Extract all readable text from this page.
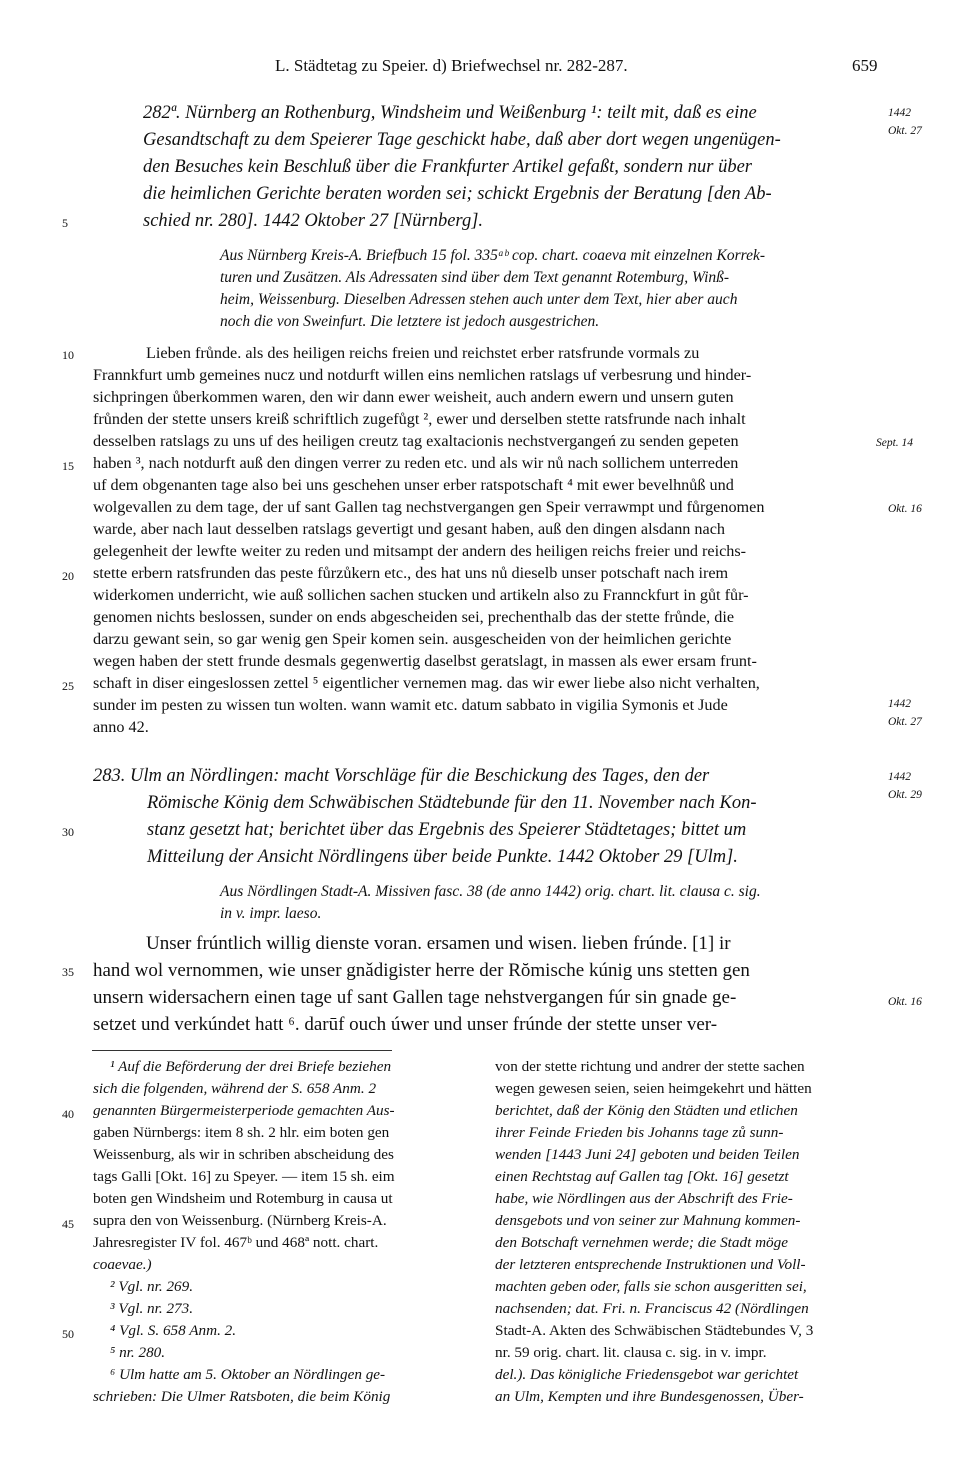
L. Städtetag zu Speier. d) Briefwechsel nr. 282-287.	659
282ª. Nürnberg an Rothenburg, Windsheim und Weißenburg ¹: teilt mit, daß es eine
Gesandtschaft zu dem Speierer Tage geschickt habe, daß aber dort wegen ungenügen-
den Besuches kein Beschluß über die Frankfurter Artikel gefaßt, sondern nur über
die heimlichen Gerichte beraten worden sei; schickt Ergebnis der Beratung [den Ab-
schied nr. 280]. 1442 Oktober 27 [Nürnberg].
Aus Nürnberg Kreis-A. Briefbuch 15 fol. 335ᵃᵇ cop. chart. coaeva mit einzelnen Korrek-
turen und Zusätzen. Als Adressaten sind über dem Text genannt Rotemburg, Winß-
heim, Weissenburg. Dieselben Adressen stehen auch unter dem Text, hier aber auch
noch die von Sweinfurt. Die letztere ist jedoch ausgestrichen.
Lieben frůnde. als des heiligen reichs freien und reichstet erber ratsfrunde vormals zu
Frannkfurt umb gemeines nucz und notdurft willen eins nemlichen ratslags uf verbesrung und hinder-
sichpringen ůberkommen waren, den wir dann ewer weisheit, auch andern ewern und unsern guten
frůnden der stette unsers kreiß schriftlich zugefůgt ², ewer und derselben stette ratsfrunde nach inhalt
desselben ratslags zu uns uf des heiligen creutz tag exaltacionis nechstvergangeń zu senden gepeten
haben ³, nach notdurft auß den dingen verrer zu reden etc. und als wir nů nach sollichem unterreden
uf dem obgenanten tage also bei uns geschehen unser erber ratspotschaft ⁴ mit ewer bevelhnůß und
wolgevallen zu dem tage, der uf sant Gallen tag nechstvergangen gen Speir verrawmpt und fůrgenomen
warde, aber nach laut desselben ratslags gevertigt und gesant haben, auß den dingen alsdann nach
gelegenheit der lewfte weiter zu reden und mitsampt der andern des heiligen reichs freier und reichs-
stette erbern ratsfrunden das peste fůrzůkern etc., des hat uns nů dieselb unser potschaft nach irem
widerkomen underricht, wie auß sollichen sachen stucken und artikeln also zu Frannckfurt in gůt fůr-
genomen nichts beslossen, sunder on ends abgescheiden sei, prechenthalb das der stette frůnde, die
darzu gewant sein, so gar wenig gen Speir komen sein. ausgescheiden von der heimlichen gerichte
wegen haben der stett frunde desmals gegenwertig daselbst geratslagt, in massen als ewer ersam frunt-
schaft in diser eingeslossen zettel ⁵ eigentlicher vernemen mag. das wir ewer liebe also nicht verhalten,
sunder im pesten zu wissen tun wolten. wann wamit etc. datum sabbato in vigilia Symonis et Jude
anno 42.
283. Ulm an Nördlingen: macht Vorschläge für die Beschickung des Tages, den der
Römische König dem Schwäbischen Städtebunde für den 11. November nach Kon-
stanz gesetzt hat; berichtet über das Ergebnis des Speierer Städtetages; bittet um
Mitteilung der Ansicht Nördlingens über beide Punkte. 1442 Oktober 29 [Ulm].
Aus Nördlingen Stadt-A. Missiven fasc. 38 (de anno 1442) orig. chart. lit. clausa c. sig.
in v. impr. laeso.
Unser frúntlich willig dienste voran. ersamen und wisen. lieben frúnde. [1] ir
hand wol vernommen, wie unser gnǎdigister herre der Rŏmische kúnig uns stetten gen
unsern widersachern einen tage uf sant Gallen tage nehstvergangen fúr sin gnade ge-
setzet und verkúndet hatt ⁶. darūf ouch úwer und unser frúnde der stette unser ver-
¹ Auf die Beförderung der drei Briefe beziehen
sich die folgenden, während der S. 658 Anm. 2
genannten Bürgermeisterperiode gemachten Aus-
gaben Nürnbergs: item 8 sh. 2 hlr. eim boten gen
Weissenburg, als wir in schriben abscheidung des
tags Galli [Okt. 16] zu Speyer. — item 15 sh. eim
boten gen Windsheim und Rotemburg in causa ut
supra den von Weissenburg. (Nürnberg Kreis-A.
Jahresregister IV fol. 467ᵇ und 468ª nott. chart.
coaevae.)
² Vgl. nr. 269.
³ Vgl. nr. 273.
⁴ Vgl. S. 658 Anm. 2.
⁵ nr. 280.
⁶ Ulm hatte am 5. Oktober an Nördlingen ge-
schrieben: Die Ulmer Ratsboten, die beim König
von der stette richtung und andrer der stette sachen
wegen gewesen seien, seien heimgekehrt und hätten
berichtet, daß der König den Städten und etlichen
ihrer Feinde Frieden bis Johanns tage zů sunn-
wenden [1443 Juni 24] geboten und beiden Teilen
einen Rechtstag auf Gallen tag [Okt. 16] gesetzt
habe, wie Nördlingen aus der Abschrift des Frie-
densgebots und von seiner zur Mahnung kommen-
den Botschaft vernehmen werde; die Stadt möge
der letzteren entsprechende Instruktionen und Voll-
machten geben oder, falls sie schon ausgeritten sei,
nachsenden; dat. Fri. n. Franciscus 42 (Nördlingen
Stadt-A. Akten des Schwäbischen Städtebundes V, 3
nr. 59 orig. chart. lit. clausa c. sig. in v. impr.
del.). Das königliche Friedensgebot war gerichtet
an Ulm, Kempten und ihre Bundesgenossen, Über-
5
10
15
20
25
30
35
40
45
50
1442
Okt. 27
Sept. 14
Okt. 16
1442
Okt. 27
1442
Okt. 29
Okt. 16
